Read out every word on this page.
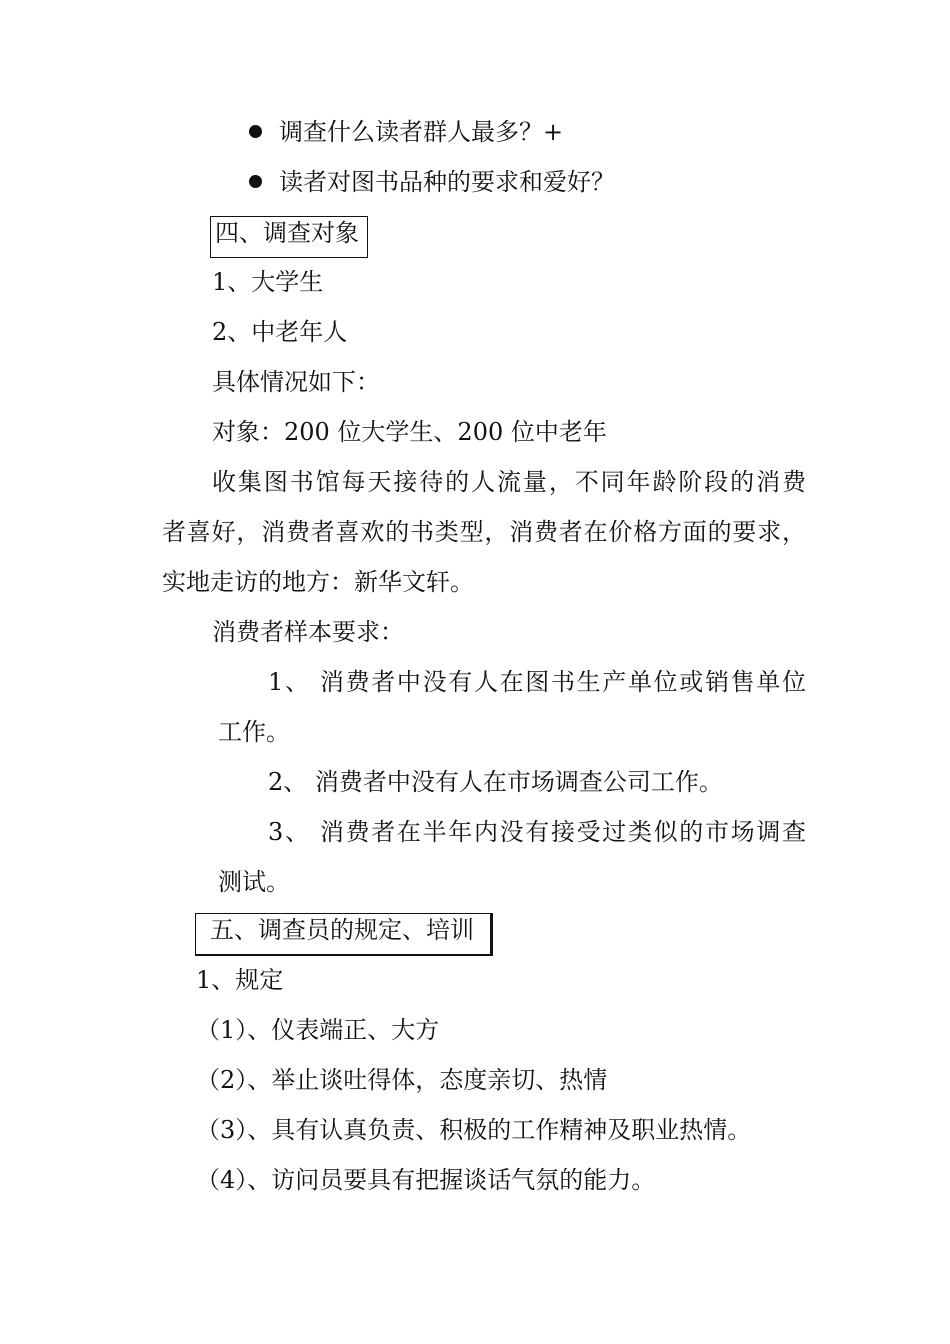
调查什么读者群人最多？+
读者对图书品种的要求和爱好？
四、调查对象
1、大学生
2、中老年人
具体情况如下：
对象：200 位大学生、200 位中老年
收集图书馆每天接待的人流量，不同年龄阶段的消费
者喜好，消费者喜欢的书类型，消费者在价格方面的要求，
实地走访的地方：新华文轩。
消费者样本要求：
1、 消费者中没有人在图书生产单位或销售单位
工作。
2、 消费者中没有人在市场调查公司工作。
3、 消费者在半年内没有接受过类似的市场调查
测试。
五、调查员的规定、培训
1、规定
（1）、仪表端正、大方
（2）、举止谈吐得体，态度亲切、热情
（3）、具有认真负责、积极的工作精神及职业热情。
（4）、访问员要具有把握谈话气氛的能力。
